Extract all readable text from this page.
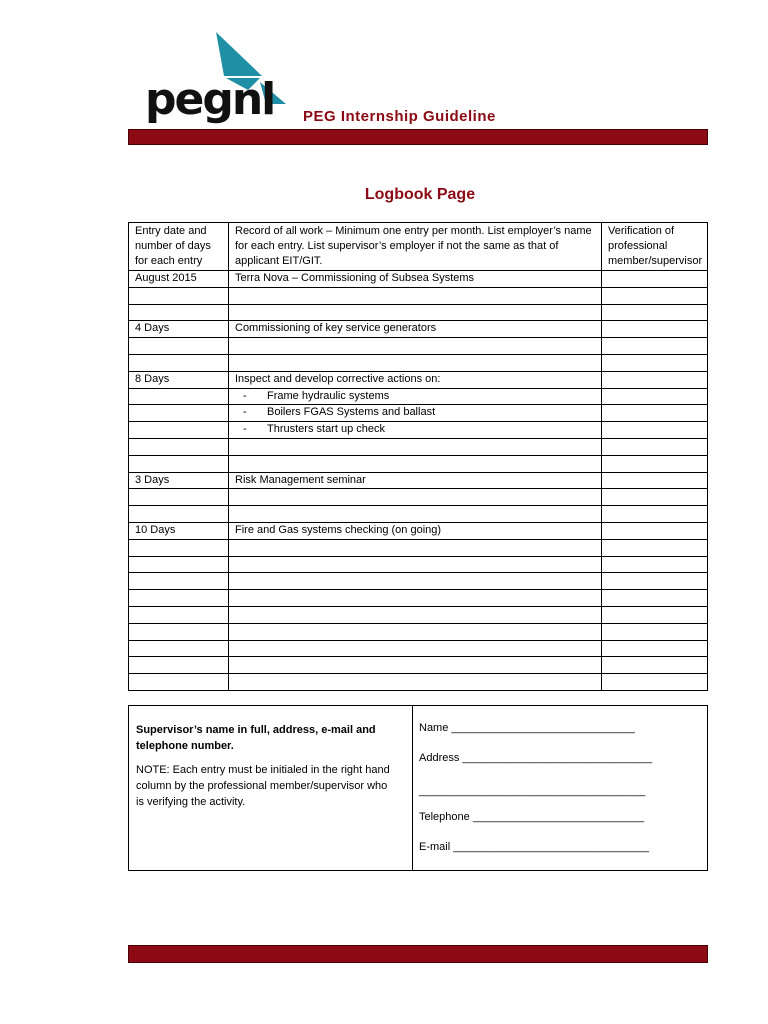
pegnl PEG Internship Guideline
Logbook Page
Entry date and number of days for each entry	Record of all work – Minimum one entry per month. List employer’s name for each entry. List supervisor’s employer if not the same as that of applicant EIT/GIT.	Verification of professional member/supervisor
August 2015	Terra Nova – Commissioning of Subsea Systems	

4 Days	Commissioning of key service generators	

8 Days	Inspect and develop corrective actions on:	
	- Frame hydraulic systems	
	- Boilers FGAS Systems and ballast	
	- Thrusters start up check	

3 Days	Risk Management seminar	

10 Days	Fire and Gas systems checking (on going)	

Supervisor’s name in full, address, e-mail and telephone number.
NOTE: Each entry must be initialed in the right hand column by the professional member/supervisor who is verifying the activity.
Name ______________________________
Address _______________________________
_____________________________________
Telephone ____________________________
E-mail ________________________________
